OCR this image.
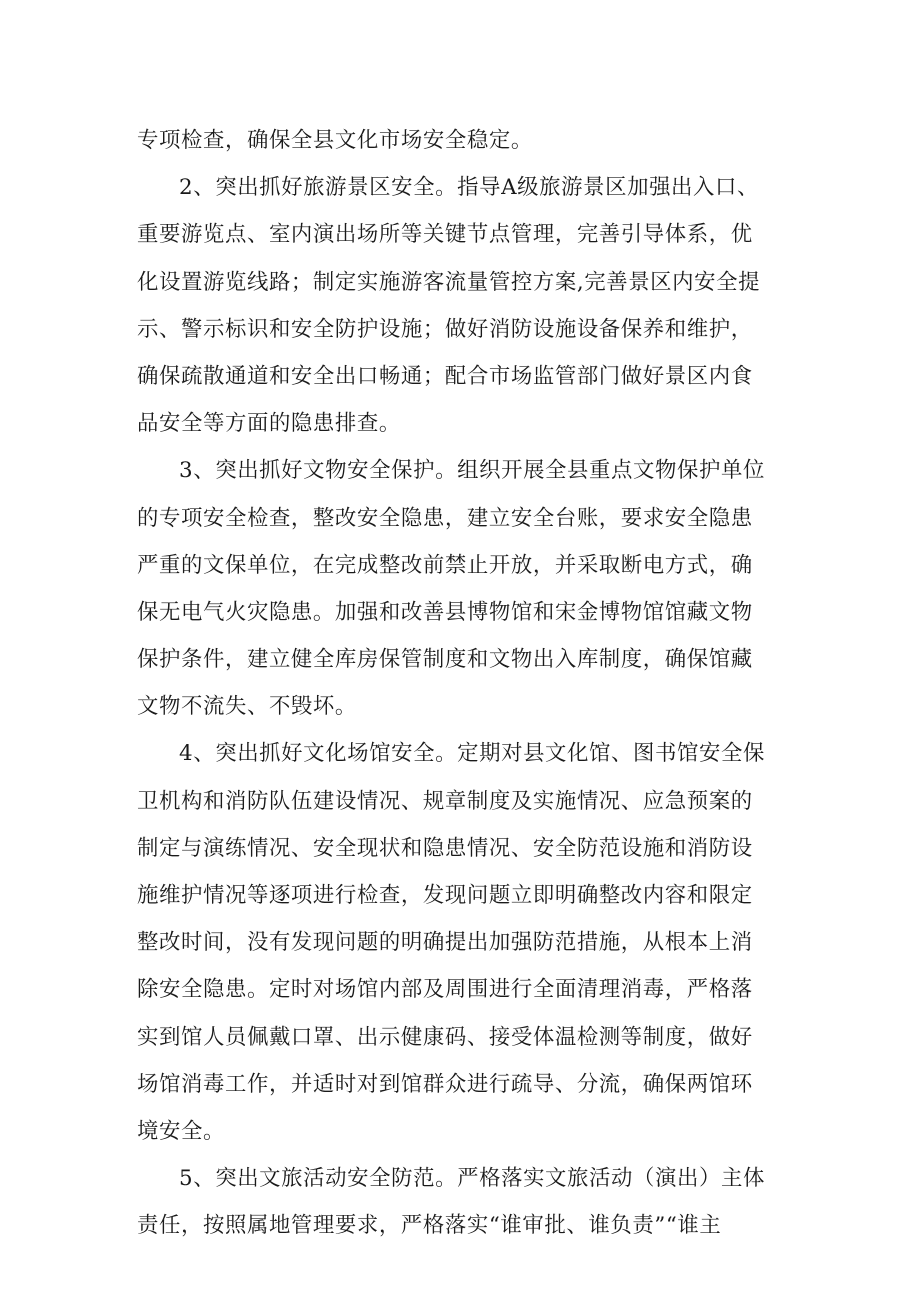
专项检查，确保全县文化市场安全稳定。
2、突出抓好旅游景区安全。指导A级旅游景区加强出入口、
重要游览点、室内演出场所等关键节点管理，完善引导体系，优
化设置游览线路；制定实施游客流量管控方案,完善景区内安全提
示、警示标识和安全防护设施；做好消防设施设备保养和维护，
确保疏散通道和安全出口畅通；配合市场监管部门做好景区内食
品安全等方面的隐患排查。
3、突出抓好文物安全保护。组织开展全县重点文物保护单位
的专项安全检查，整改安全隐患，建立安全台账，要求安全隐患
严重的文保单位，在完成整改前禁止开放，并采取断电方式，确
保无电气火灾隐患。加强和改善县博物馆和宋金博物馆馆藏文物
保护条件，建立健全库房保管制度和文物出入库制度，确保馆藏
文物不流失、不毁坏。
4、突出抓好文化场馆安全。定期对县文化馆、图书馆安全保
卫机构和消防队伍建设情况、规章制度及实施情况、应急预案的
制定与演练情况、安全现状和隐患情况、安全防范设施和消防设
施维护情况等逐项进行检查，发现问题立即明确整改内容和限定
整改时间，没有发现问题的明确提出加强防范措施，从根本上消
除安全隐患。定时对场馆内部及周围进行全面清理消毒，严格落
实到馆人员佩戴口罩、出示健康码、接受体温检测等制度，做好
场馆消毒工作，并适时对到馆群众进行疏导、分流，确保两馆环
境安全。
5、突出文旅活动安全防范。严格落实文旅活动（演出）主体
责任，按照属地管理要求，严格落实“谁审批、谁负责”“谁主
